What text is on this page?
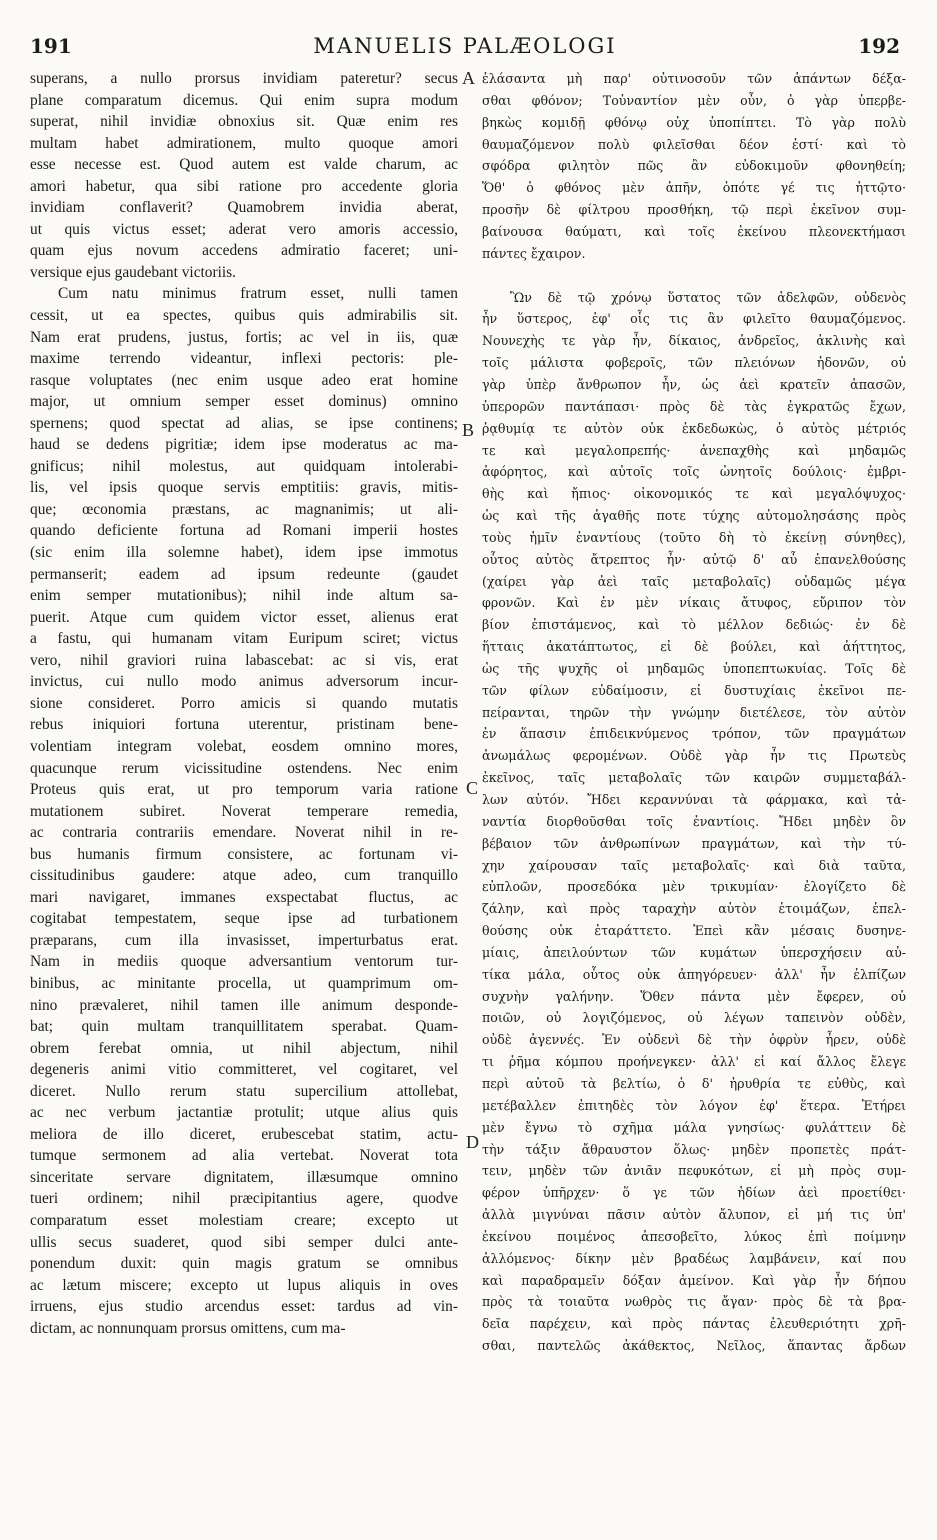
191	MANUELIS PALÆOLOGI	192
A
B
C
D

superans, a nullo prorsus invidiam pateretur? secus

plane comparatum dicemus. Qui enim supra modum

superat, nihil invidiæ obnoxius sit. Quæ enim res

multam habet admirationem, multo quoque amori

esse necesse est. Quod autem est valde charum, ac

amori habetur, qua sibi ratione pro accedente gloria

invidiam conflaverit? Quamobrem invidia aberat,

ut quis victus esset; aderat vero amoris accessio,

quam ejus novum accedens admiratio faceret; uni-

versique ejus gaudebant victoriis.

Cum natu minimus fratrum esset, nulli tamen

cessit, ut ea spectes, quibus quis admirabilis sit.

Nam erat prudens, justus, fortis; ac vel in iis, quæ

maxime terrendo videantur, inflexi pectoris: ple-

rasque voluptates (nec enim usque adeo erat homine

major, ut omnium semper esset dominus) omnino

spernens; quod spectat ad alias, se ipse continens;

haud se dedens pigritiæ; idem ipse moderatus ac ma-

gnificus; nihil molestus, aut quidquam intolerabi-

lis, vel ipsis quoque servis emptitiis: gravis, mitis-

que; œconomia præstans, ac magnanimis; ut ali-

quando deficiente fortuna ad Romani imperii hostes

(sic enim illa solemne habet), idem ipse immotus

permanserit; eadem ad ipsum redeunte (gaudet

enim semper mutationibus); nihil inde altum sa-

puerit. Atque cum quidem victor esset, alienus erat

a fastu, qui humanam vitam Euripum sciret; victus

vero, nihil graviori ruina labascebat: ac si vis, erat

invictus, cui nullo modo animus adversorum incur-

sione consideret. Porro amicis si quando mutatis

rebus iniquiori fortuna uterentur, pristinam bene-

volentiam integram volebat, eosdem omnino mores,

quacunque rerum vicissitudine ostendens. Nec enim

Proteus quis erat, ut pro temporum varia ratione

mutationem subiret. Noverat temperare remedia,

ac contraria contrariis emendare. Noverat nihil in re-

bus humanis firmum consistere, ac fortunam vi-

cissitudinibus gaudere: atque adeo, cum tranquillo

mari navigaret, immanes exspectabat fluctus, ac

cogitabat tempestatem, seque ipse ad turbationem

præparans, cum illa invasisset, imperturbatus erat.

Nam in mediis quoque adversantium ventorum tur-

binibus, ac minitante procella, ut quamprimum om-

nino prævaleret, nihil tamen ille animum desponde-

bat; quin multam tranquillitatem sperabat. Quam-

obrem ferebat omnia, ut nihil abjectum, nihil

degeneris animi vitio committeret, vel cogitaret, vel

diceret. Nullo rerum statu supercilium attollebat,

ac nec verbum jactantiæ protulit; utque alius quis

meliora de illo diceret, erubescebat statim, actu-

tumque sermonem ad alia vertebat. Noverat tota

sinceritate servare dignitatem, illæsumque omnino

tueri ordinem; nihil præcipitantius agere, quodve

comparatum esset molestiam creare; excepto ut

ullis secus suaderet, quod sibi semper dulci ante-

ponendum duxit: quin magis gratum se omnibus

ac lætum miscere; excepto ut lupus aliquis in oves

irruens, ejus studio arcendus esset: tardus ad vin-

dictam, ac nonnunquam prorsus omittens, cum ma-

ἐλάσαντα μὴ παρ' οὐτινοσοῦν τῶν ἁπάντων δέξα-

σθαι φθόνον; Τοὐναντίον μὲν οὖν, ὁ γὰρ ὑπερβε-

βηκὼς κομιδῇ φθόνῳ οὐχ ὑποπίπτει. Τὸ γὰρ πολὺ

θαυμαζόμενον πολὺ φιλεῖσθαι δέον ἐστί· καὶ τὸ

σφόδρα φιλητὸν πῶς ἂν εὐδοκιμοῦν φθονηθείη;

Ὅθ' ὁ φθόνος μὲν ἀπῆν, ὁπότε γέ τις ἡττῷτο·

προσῆν δὲ φίλτρου προσθήκη, τῷ περὶ ἐκεῖνον συμ-

βαίνουσα θαύματι, καὶ τοῖς ἐκείνου πλεονεκτήμασι

πάντες ἔχαιρον.

Ὢν δὲ τῷ χρόνῳ ὕστατος τῶν ἀδελφῶν, οὐδενὸς

ἦν ὕστερος, ἐφ' οἷς τις ἂν φιλεῖτο θαυμαζόμενος.

Νουνεχὴς τε γὰρ ἦν, δίκαιος, ἀνδρεῖος, ἀκλινὴς καὶ

τοῖς μάλιστα φοβεροῖς, τῶν πλειόνων ἡδονῶν, οὐ

γὰρ ὑπὲρ ἄνθρωπον ἦν, ὡς ἀεὶ κρατεῖν ἁπασῶν,

ὑπερορῶν παντάπασι· πρὸς δὲ τὰς ἐγκρατῶς ἔχων,

ῥᾳθυμίᾳ τε αὑτὸν οὐκ ἐκδεδωκὼς, ὁ αὐτὸς μέτριός

τε καὶ μεγαλοπρεπής· ἀνεπαχθὴς καὶ μηδαμῶς

ἀφόρητος, καὶ αὐτοῖς τοῖς ὠνητοῖς δούλοις· ἐμβρι-

θὴς καὶ ἤπιος· οἰκονομικός τε καὶ μεγαλόψυχος·

ὡς καὶ τῆς ἀγαθῆς ποτε τύχης αὐτομολησάσης πρὸς

τοὺς ἡμῖν ἐναντίους (τοῦτο δὴ τὸ ἐκείνῃ σύνηθες),

οὗτος αὐτὸς ἄτρεπτος ἦν· αὐτῷ δ' αὖ ἐπανελθούσης

(χαίρει γὰρ ἀεὶ ταῖς μεταβολαῖς) οὐδαμῶς μέγα

φρονῶν. Καὶ ἐν μὲν νίκαις ἄτυφος, εὔριπον τὸν

βίον ἐπιστάμενος, καὶ τὸ μέλλον δεδιώς· ἐν δὲ

ἥτταις ἀκατάπτωτος, εἰ δὲ βούλει, καὶ ἀήττητος,

ὡς τῆς ψυχῆς οἱ μηδαμῶς ὑποπεπτωκυίας. Τοῖς δὲ

τῶν φίλων εὐδαίμοσιν, εἰ δυστυχίαις ἐκεῖνοι πε-

πείρανται, τηρῶν τὴν γνώμην διετέλεσε, τὸν αὐτὸν

ἐν ἅπασιν ἐπιδεικνύμενος τρόπον, τῶν πραγμάτων

ἀνωμάλως φερομένων. Οὐδὲ γὰρ ἦν τις Πρωτεὺς

ἐκεῖνος, ταῖς μεταβολαῖς τῶν καιρῶν συμμεταβάλ-

λων αὑτόν. Ἤδει κεραννύναι τὰ φάρμακα, καὶ τἀ-

ναντία διορθοῦσθαι τοῖς ἐναντίοις. Ἤδει μηδὲν ὂν

βέβαιον τῶν ἀνθρωπίνων πραγμάτων, καὶ τὴν τύ-

χην χαίρουσαν ταῖς μεταβολαῖς· καὶ διὰ ταῦτα,

εὐπλοῶν, προσεδόκα μὲν τρικυμίαν· ἐλογίζετο δὲ

ζάλην, καὶ πρὸς ταραχὴν αὑτὸν ἑτοιμάζων, ἐπελ-

θούσης οὐκ ἐταράττετο. Ἐπεὶ κἂν μέσαις δυσηνε-

μίαις, ἀπειλούντων τῶν κυμάτων ὑπερσχήσειν αὐ-

τίκα μάλα, οὗτος οὐκ ἀπηγόρευεν· ἀλλ' ἦν ἐλπίζων

συχνὴν γαλήνην. Ὅθεν πάντα μὲν ἔφερεν, οὐ

ποιῶν, οὐ λογιζόμενος, οὐ λέγων ταπεινὸν οὐδὲν,

οὐδὲ ἀγεννές. Ἐν οὐδενὶ δὲ τὴν ὀφρὺν ἦρεν, οὐδὲ

τι ῥῆμα κόμπου προήνεγκεν· ἀλλ' εἰ καί ἄλλος ἔλεγε

περὶ αὐτοῦ τὰ βελτίω, ὁ δ' ἠρυθρία τε εὐθὺς, καὶ

μετέβαλλεν ἐπιτηδὲς τὸν λόγον ἐφ' ἕτερα. Ἐτήρει

μὲν ἔγνω τὸ σχῆμα μάλα γνησίως· φυλάττειν δὲ

τὴν τάξιν ἄθραυστον ὅλως· μηδὲν προπετὲς πράτ-

τειν, μηδὲν τῶν ἀνιᾶν πεφυκότων, εἰ μὴ πρὸς συμ-

φέρον ὑπῆρχεν· ὅ γε τῶν ἡδίων ἀεὶ προετίθει·

ἀλλὰ μιγνύναι πᾶσιν αὑτὸν ἄλυπον, εἰ μή τις ὑπ'

ἐκείνου ποιμένος ἀπεσοβεῖτο, λύκος ἐπὶ ποίμνην

ἀλλόμενος· δίκην μὲν βραδέως λαμβάνειν, καί που

καὶ παραδραμεῖν δόξαν ἀμείνον. Καὶ γὰρ ἦν δήπου

πρὸς τὰ τοιαῦτα νωθρὸς τις ἄγαν· πρὸς δὲ τὰ βρα-

δεῖα παρέχειν, καὶ πρὸς πάντας ἐλευθεριότητι χρῆ-

σθαι, παντελῶς ἀκάθεκτος, Νεῖλος, ἅπαντας ἄρδων
